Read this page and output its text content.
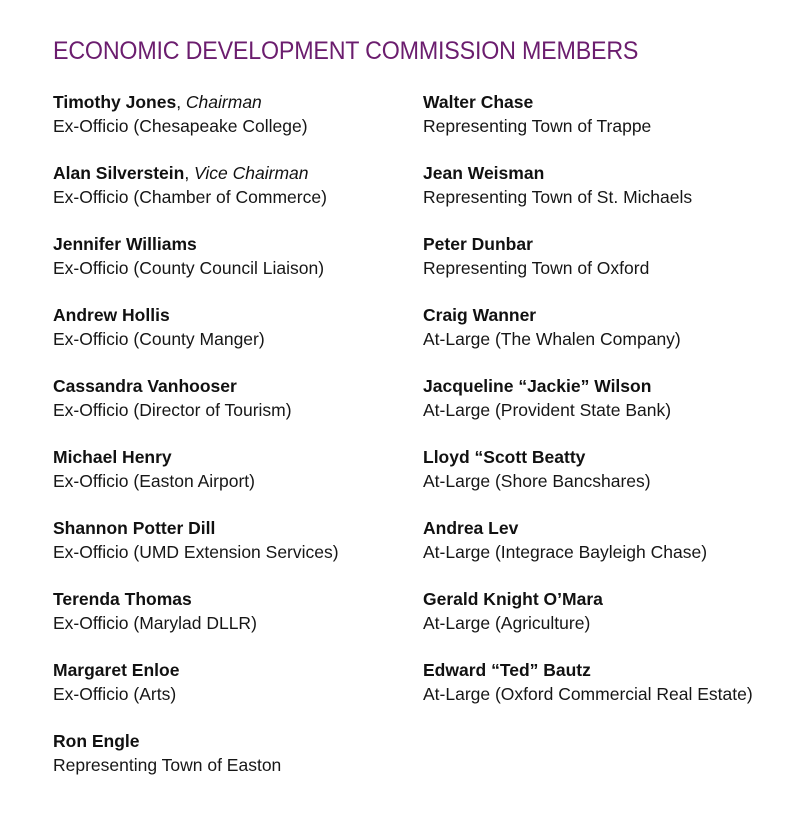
ECONOMIC DEVELOPMENT COMMISSION MEMBERS
Timothy Jones, Chairman
Ex-Officio (Chesapeake College)
Alan Silverstein, Vice Chairman
Ex-Officio (Chamber of Commerce)
Jennifer Williams
Ex-Officio (County Council Liaison)
Andrew Hollis
Ex-Officio (County Manger)
Cassandra Vanhooser
Ex-Officio (Director of Tourism)
Michael Henry
Ex-Officio (Easton Airport)
Shannon Potter Dill
Ex-Officio (UMD Extension Services)
Terenda Thomas
Ex-Officio (Marylad DLLR)
Margaret Enloe
Ex-Officio (Arts)
Ron Engle
Representing Town of Easton
Walter Chase
Representing Town of Trappe
Jean Weisman
Representing Town of St. Michaels
Peter Dunbar
Representing Town of Oxford
Craig Wanner
At-Large (The Whalen Company)
Jacqueline “Jackie” Wilson
At-Large (Provident State Bank)
Lloyd “Scott Beatty
At-Large (Shore Bancshares)
Andrea Lev
At-Large (Integrace Bayleigh Chase)
Gerald Knight O’Mara
At-Large (Agriculture)
Edward “Ted” Bautz
At-Large (Oxford Commercial Real Estate)
